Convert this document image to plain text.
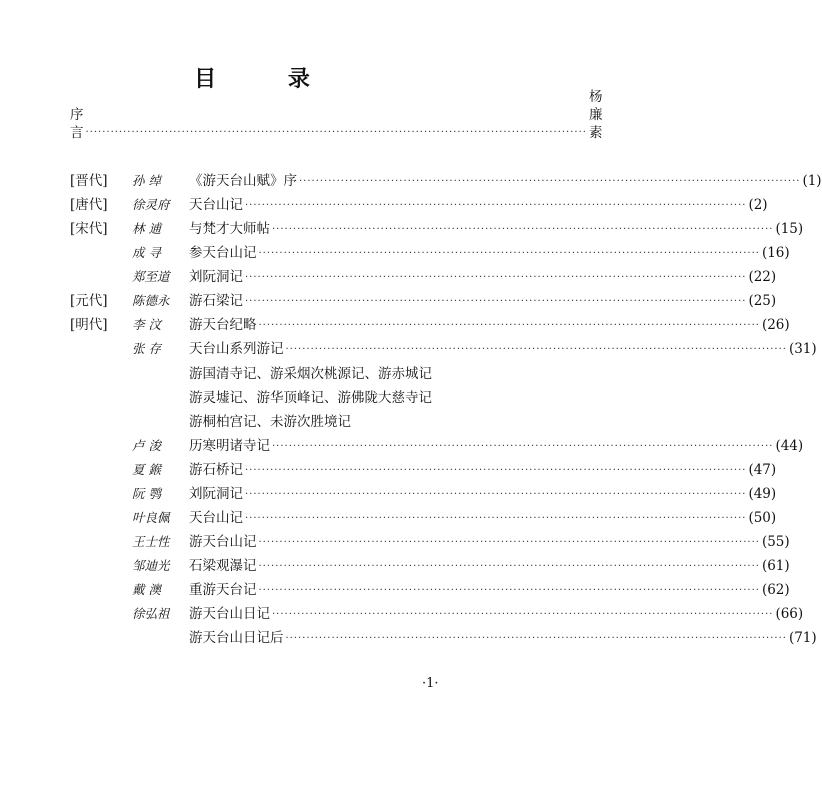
目 录
序言 ························································································································
杨廉素
[晋代]	孙 绰	《游天台山赋》序 ························································································································ (1)
[唐代]	徐灵府	天台山记 ························································································································ (2)
[宋代]	林 逋	与梵才大师帖 ························································································································ (15)
成 寻	参天台山记 ························································································································ (16)
郑至道	刘阮洞记 ························································································································ (22)
[元代]	陈德永	游石梁记 ························································································································ (25)
[明代]	李 汶	游天台纪略 ························································································································ (26)
张 存	天台山系列游记 ························································································································ (31)
游国清寺记、游采烟次桃源记、游赤城记
游灵墟记、游华顶峰记、游佛陇大慈寺记
游桐柏宫记、未游次胜境记
卢 浚	历寒明诸寺记 ························································································································ (44)
夏 鍭	游石桥记 ························································································································ (47)
阮 鹗	刘阮洞记 ························································································································ (49)
叶良佩	天台山记 ························································································································ (50)
王士性	游天台山记 ························································································································ (55)
邹迪光	石梁观瀑记 ························································································································ (61)
戴 澳	重游天台记 ························································································································ (62)
徐弘祖	游天台山日记 ························································································································ (66)
游天台山日记后 ························································································································ (71)
·1·
